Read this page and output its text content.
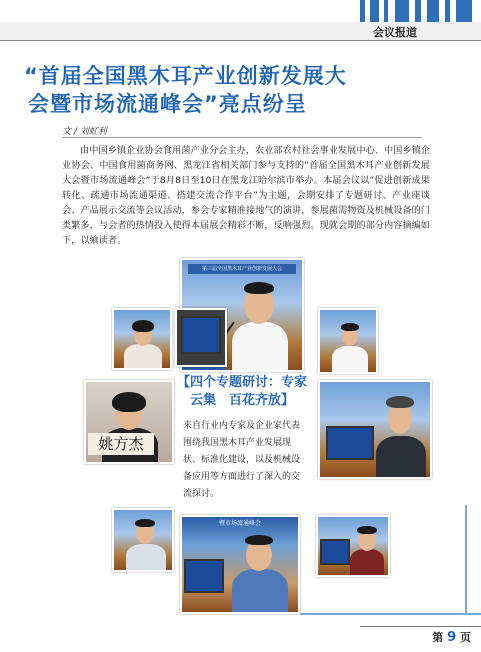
会议报道
“首届全国黑木耳产业创新发展大
会暨市场流通峰会”亮点纷呈
文 / 刘虹利
由中国乡镇企业协会食用菌产业分会主办，农业部农村社会事业发展中心、中国乡镇企业协会、中国食用菌商务网、黑龙江省相关部门参与支持的“首届全国黑木耳产业创新发展大会暨市场流通峰会”于8月8日至10日在黑龙江哈尔滨市举办。本届会议以“促进创新成果转化、疏通市场流通渠道、搭建交流合作平台”为主题，会期安排了专题研讨、产业座谈会、产品展示交流等会议活动，参会专家精准接地气的演讲，参展菌需物资及机械设备的门类繁多，与会者的热情投入使得本届展会精彩不断，反响强烈。现就会期的部分内容摘编如下，以飨读者。
第三届全国黑木耳产业创新发展大会
姚方杰
【四个专题研讨：专家云集　百花齐放】
来自行业内专家及企业家代表围绕我国黑木耳产业发展现状、标准化建设，以及机械设备应用等方面进行了深入的交流探讨。
暨市场流通峰会
第 9 页
